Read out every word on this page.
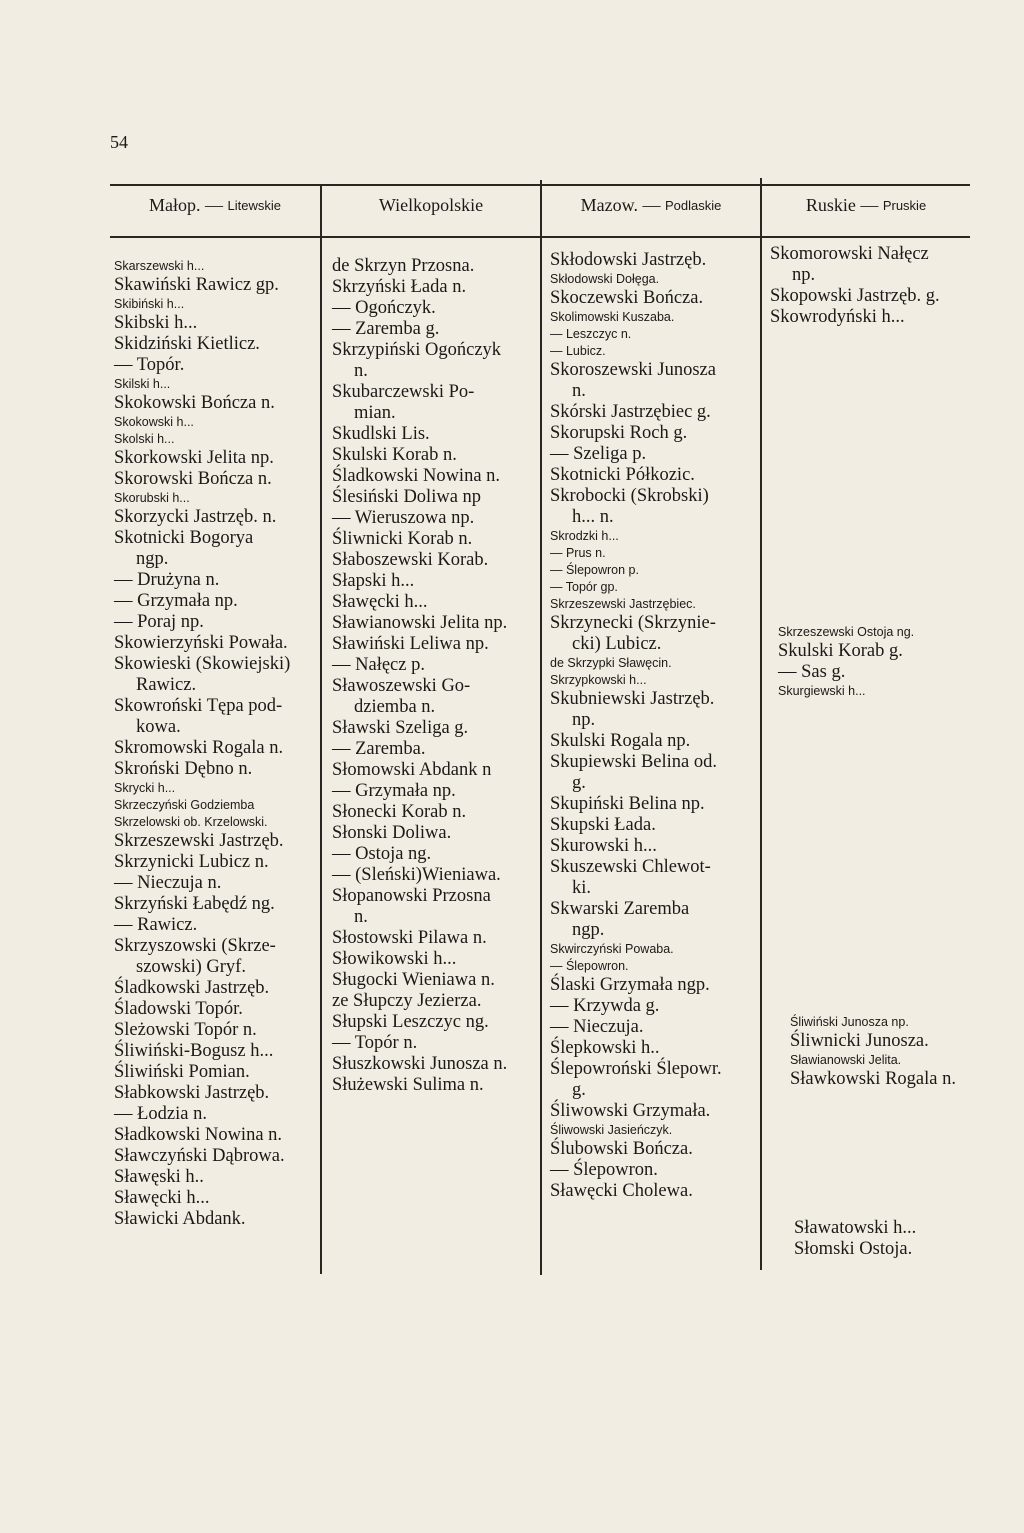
54
Małop. — Litewskie	Wielkopolskie	Mazow. — Podlaskie	Ruskie — Pruskie
Skarszewski h...
Skawiński Rawicz gp.
Skibiński h...
Skibski h...
Skidziński Kietlicz.
— Topór.
Skilski h...
Skokowski Bończa n.
Skokowski h...
Skolski h...
Skorkowski Jelita np.
Skorowski Bończa n.
Skorubski h...
Skorzycki Jastrzęb. n.
Skotnicki Bogorya
ngp.
— Drużyna n.
— Grzymała np.
— Poraj np.
Skowierzyński Powała.
Skowieski (Skowiejski)
Rawicz.
Skowroński Tępa pod-
kowa.
Skromowski Rogala n.
Skroński Dębno n.
Skrycki h...
Skrzeczyński Godziemba
Skrzelowski ob. Krzelowski.
Skrzeszewski Jastrzęb.
Skrzynicki Lubicz n.
— Nieczuja n.
Skrzyński Łabędź ng.
— Rawicz.
Skrzyszowski (Skrze-
szowski) Gryf.
Śladkowski Jastrzęb.
Śladowski Topór.
Sleżowski Topór n.
Śliwiński-Bogusz h...
Śliwiński Pomian.
Słabkowski Jastrzęb.
— Łodzia n.
Sładkowski Nowina n.
Sławczyński Dąbrowa.
Sławęski h..
Sławęcki h...
Sławicki Abdank.
de Skrzyn Przosna.
Skrzyński Łada n.
— Ogończyk.
— Zaremba g.
Skrzypiński Ogończyk
n.
Skubarczewski Po-
mian.
Skudlski Lis.
Skulski Korab n.
Śladkowski Nowina n.
Ślesiński Doliwa np
— Wieruszowa np.
Śliwnicki Korab n.
Słaboszewski Korab.
Słapski h...
Sławęcki h...
Sławianowski Jelita np.
Sławiński Leliwa np.
— Nałęcz p.
Sławoszewski Go-
dziemba n.
Sławski Szeliga g.
— Zaremba.
Słomowski Abdank n
— Grzymała np.
Słonecki Korab n.
Słonski Doliwa.
— Ostoja ng.
— (Sleński)Wieniawa.
Słopanowski Przosna
n.
Słostowski Pilawa n.
Słowikowski h...
Sługocki Wieniawa n.
ze Słupczy Jezierza.
Słupski Leszczyc ng.
— Topór n.
Słuszkowski Junosza n.
Służewski Sulima n.
Skłodowski Jastrzęb.
Skłodowski Dołęga.
Skoczewski Bończa.
Skolimowski Kuszaba.
— Leszczyc n.
— Lubicz.
Skoroszewski Junosza
n.
Skórski Jastrzębiec g.
Skorupski Roch g.
— Szeliga p.
Skotnicki Półkozic.
Skrobocki (Skrobski)
h... n.
Skrodzki h...
— Prus n.
— Ślepowron p.
— Topór gp.
Skrzeszewski Jastrzębiec.
Skrzynecki (Skrzynie-
cki) Lubicz.
de Skrzypki Sławęcin.
Skrzypkowski h...
Skubniewski Jastrzęb.
np.
Skulski Rogala np.
Skupiewski Belina od.
g.
Skupiński Belina np.
Skupski Łada.
Skurowski h...
Skuszewski Chlewot-
ki.
Skwarski Zaremba
ngp.
Skwirczyński Powaba.
— Ślepowron.
Ślaski Grzymała ngp.
— Krzywda g.
— Nieczuja.
Ślepkowski h..
Ślepowroński Ślepowr.
g.
Śliwowski Grzymała.
Śliwowski Jasieńczyk.
Ślubowski Bończa.
— Ślepowron.
Sławęcki Cholewa.
Skomorowski Nałęcz
np.
Skopowski Jastrzęb. g.
Skowrodyński h...
Skrzeszewski Ostoja ng.
Skulski Korab g.
— Sas g.
Skurgiewski h...
Śliwiński Junosza np.
Śliwnicki Junosza.
Sławianowski Jelita.
Sławkowski Rogala n.
Sławatowski h...
Słomski Ostoja.
